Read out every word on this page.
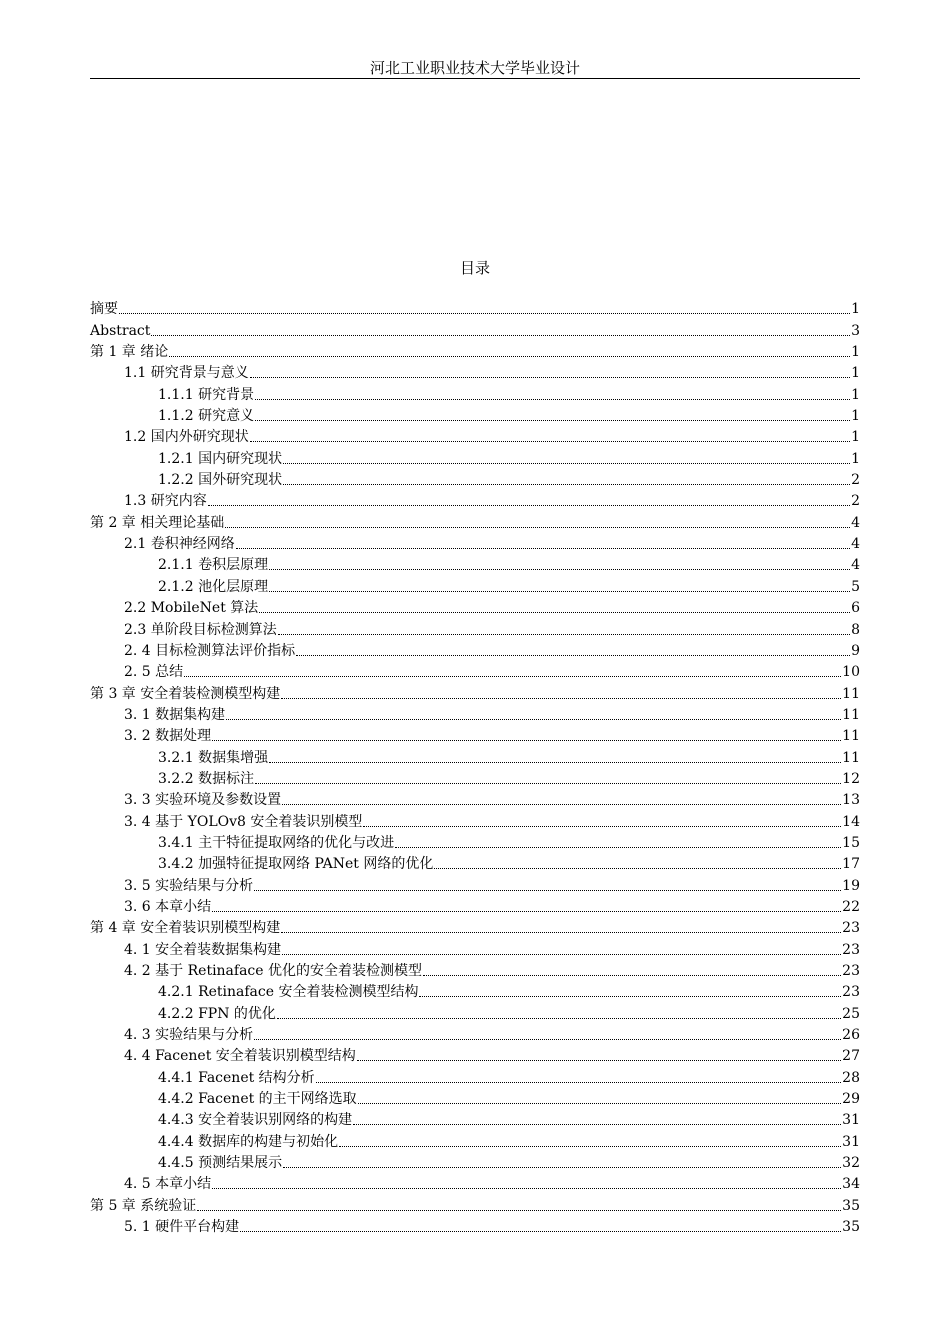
河北工业职业技术大学毕业设计
目录
摘要	1
Abstract	3
第 1 章 绪论	1
1.1 研究背景与意义	1
1.1.1 研究背景	1
1.1.2 研究意义	1
1.2 国内外研究现状	1
1.2.1 国内研究现状	1
1.2.2 国外研究现状	2
1.3 研究内容	2
第 2 章 相关理论基础	4
2.1 卷积神经网络	4
2.1.1 卷积层原理	4
2.1.2 池化层原理	5
2.2 MobileNet 算法	6
2.3 单阶段目标检测算法	8
2. 4 目标检测算法评价指标	9
2. 5 总结	10
第 3 章 安全着装检测模型构建	11
3. 1 数据集构建	11
3. 2 数据处理	11
3.2.1 数据集增强	11
3.2.2 数据标注	12
3. 3 实验环境及参数设置	13
3. 4 基于 YOLOv8 安全着装识别模型	14
3.4.1 主干特征提取网络的优化与改进	15
3.4.2 加强特征提取网络 PANet 网络的优化	17
3. 5 实验结果与分析	19
3. 6 本章小结	22
第 4 章 安全着装识别模型构建	23
4. 1 安全着装数据集构建	23
4. 2 基于 Retinaface 优化的安全着装检测模型	23
4.2.1 Retinaface 安全着装检测模型结构	23
4.2.2 FPN 的优化	25
4. 3 实验结果与分析	26
4. 4 Facenet 安全着装识别模型结构	27
4.4.1 Facenet 结构分析	28
4.4.2 Facenet 的主干网络选取	29
4.4.3 安全着装识别网络的构建	31
4.4.4 数据库的构建与初始化	31
4.4.5 预测结果展示	32
4. 5 本章小结	34
第 5 章 系统验证	35
5. 1 硬件平台构建	35
